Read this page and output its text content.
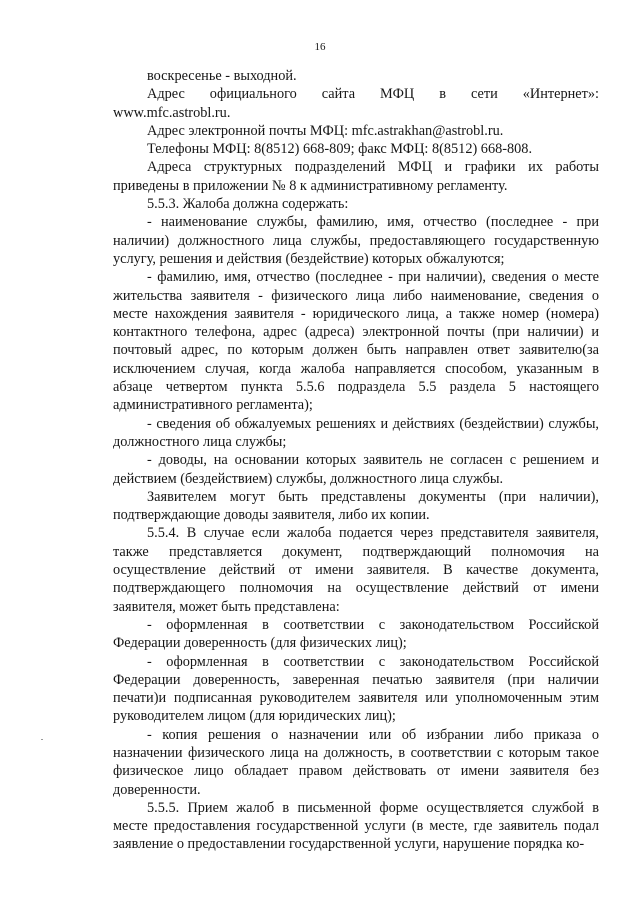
16

воскресенье - выходной.

Адрес официального сайта МФЦ в сети «Интернет»: www.mfc.astrobl.ru.

Адрес электронной почты МФЦ: mfc.astrakhan@astrobl.ru.

Телефоны МФЦ: 8(8512) 668-809; факс МФЦ: 8(8512) 668-808.

Адреса структурных подразделений МФЦ и графики их работы приведены в приложении № 8 к административному регламенту.

5.5.3. Жалоба должна содержать:

- наименование службы, фамилию, имя, отчество (последнее - при наличии) должностного лица службы, предоставляющего государственную услугу, решения и действия (бездействие) которых обжалуются;

- фамилию, имя, отчество (последнее - при наличии), сведения о месте жительства заявителя - физического лица либо наименование, сведения о месте нахождения заявителя - юридического лица, а также номер (номера) контактного телефона, адрес (адреса) электронной почты (при наличии) и почтовый адрес, по которым должен быть направлен ответ заявителю(за исключением случая, когда жалоба направляется способом, указанным в абзаце четвертом пункта 5.5.6 подраздела 5.5 раздела 5 настоящего административного регламента);

- сведения об обжалуемых решениях и действиях (бездействии) службы, должностного лица службы;

- доводы, на основании которых заявитель не согласен с решением и действием (бездействием) службы, должностного лица службы.

Заявителем могут быть представлены документы (при наличии), подтверждающие доводы заявителя, либо их копии.

5.5.4. В случае если жалоба подается через представителя заявителя, также представляется документ, подтверждающий полномочия на осуществление действий от имени заявителя. В качестве документа, подтверждающего полномочия на осуществление действий от имени заявителя, может быть представлена:

- оформленная в соответствии с законодательством Российской Федерации доверенность (для физических лиц);

- оформленная в соответствии с законодательством Российской Федерации доверенность, заверенная печатью заявителя (при наличии печати)и подписанная руководителем заявителя или уполномоченным этим руководителем лицом (для юридических лиц);

- копия решения о назначении или об избрании либо приказа о назначении физического лица на должность, в соответствии с которым такое физическое лицо обладает правом действовать от имени заявителя без доверенности.

5.5.5. Прием жалоб в письменной форме осуществляется службой в месте предоставления государственной услуги (в месте, где заявитель подал заявление о предоставлении государственной услуги, нарушение порядка ко-
